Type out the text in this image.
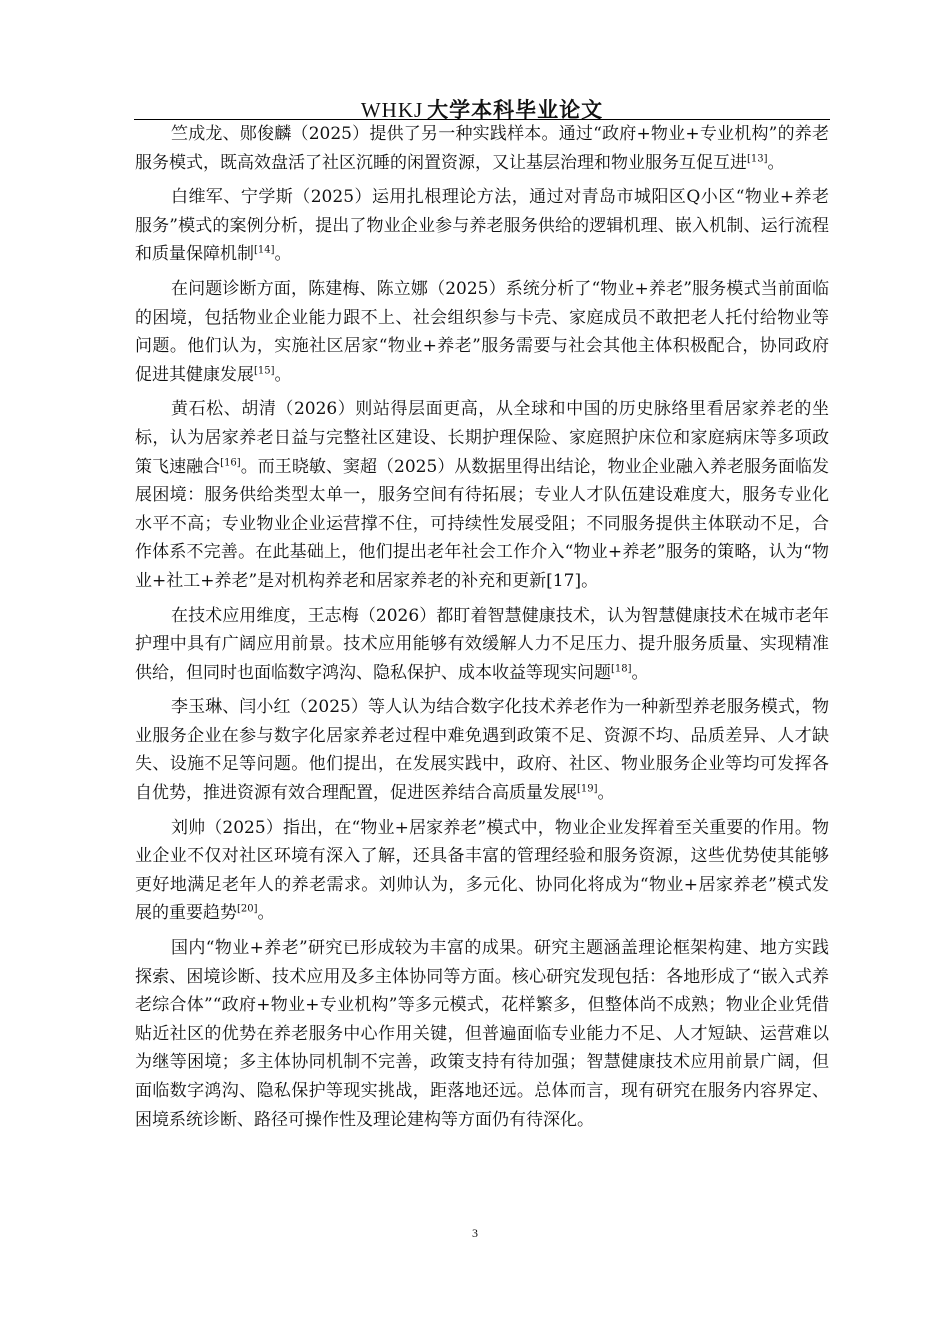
WHKJ 大学本科毕业论文

竺成龙、郧俊麟（2025）提供了另一种实践样本。通过“政府+物业+专业机构”的养老服务模式，既高效盘活了社区沉睡的闲置资源，又让基层治理和物业服务互促互进[13]。

白维军、宁学斯（2025）运用扎根理论方法，通过对青岛市城阳区Q小区“物业+养老服务”模式的案例分析，提出了物业企业参与养老服务供给的逻辑机理、嵌入机制、运行流程和质量保障机制[14]。

在问题诊断方面，陈建梅、陈立娜（2025）系统分析了“物业+养老”服务模式当前面临的困境，包括物业企业能力跟不上、社会组织参与卡壳、家庭成员不敢把老人托付给物业等问题。他们认为，实施社区居家“物业+养老”服务需要与社会其他主体积极配合，协同政府促进其健康发展[15]。

黄石松、胡清（2026）则站得层面更高，从全球和中国的历史脉络里看居家养老的坐标，认为居家养老日益与完整社区建设、长期护理保险、家庭照护床位和家庭病床等多项政策飞速融合[16]。而王晓敏、窦超（2025）从数据里得出结论，物业企业融入养老服务面临发展困境：服务供给类型太单一，服务空间有待拓展；专业人才队伍建设难度大，服务专业化水平不高；专业物业企业运营撑不住，可持续性发展受阻；不同服务提供主体联动不足，合作体系不完善。在此基础上，他们提出老年社会工作介入“物业+养老”服务的策略，认为“物业+社工+养老”是对机构养老和居家养老的补充和更新[17]。

在技术应用维度，王志梅（2026）都盯着智慧健康技术，认为智慧健康技术在城市老年护理中具有广阔应用前景。技术应用能够有效缓解人力不足压力、提升服务质量、实现精准供给，但同时也面临数字鸿沟、隐私保护、成本收益等现实问题[18]。

李玉琳、闫小红（2025）等人认为结合数字化技术养老作为一种新型养老服务模式，物业服务企业在参与数字化居家养老过程中难免遇到政策不足、资源不均、品质差异、人才缺失、设施不足等问题。他们提出，在发展实践中，政府、社区、物业服务企业等均可发挥各自优势，推进资源有效合理配置，促进医养结合高质量发展[19]。

刘帅（2025）指出，在“物业+居家养老”模式中，物业企业发挥着至关重要的作用。物业企业不仅对社区环境有深入了解，还具备丰富的管理经验和服务资源，这些优势使其能够更好地满足老年人的养老需求。刘帅认为，多元化、协同化将成为“物业+居家养老”模式发展的重要趋势[20]。

国内“物业+养老”研究已形成较为丰富的成果。研究主题涵盖理论框架构建、地方实践探索、困境诊断、技术应用及多主体协同等方面。核心研究发现包括：各地形成了“嵌入式养老综合体”“政府+物业+专业机构”等多元模式，花样繁多，但整体尚不成熟；物业企业凭借贴近社区的优势在养老服务中心作用关键，但普遍面临专业能力不足、人才短缺、运营难以为继等困境；多主体协同机制不完善，政策支持有待加强；智慧健康技术应用前景广阔，但面临数字鸿沟、隐私保护等现实挑战，距落地还远。总体而言，现有研究在服务内容界定、困境系统诊断、路径可操作性及理论建构等方面仍有待深化。

3
